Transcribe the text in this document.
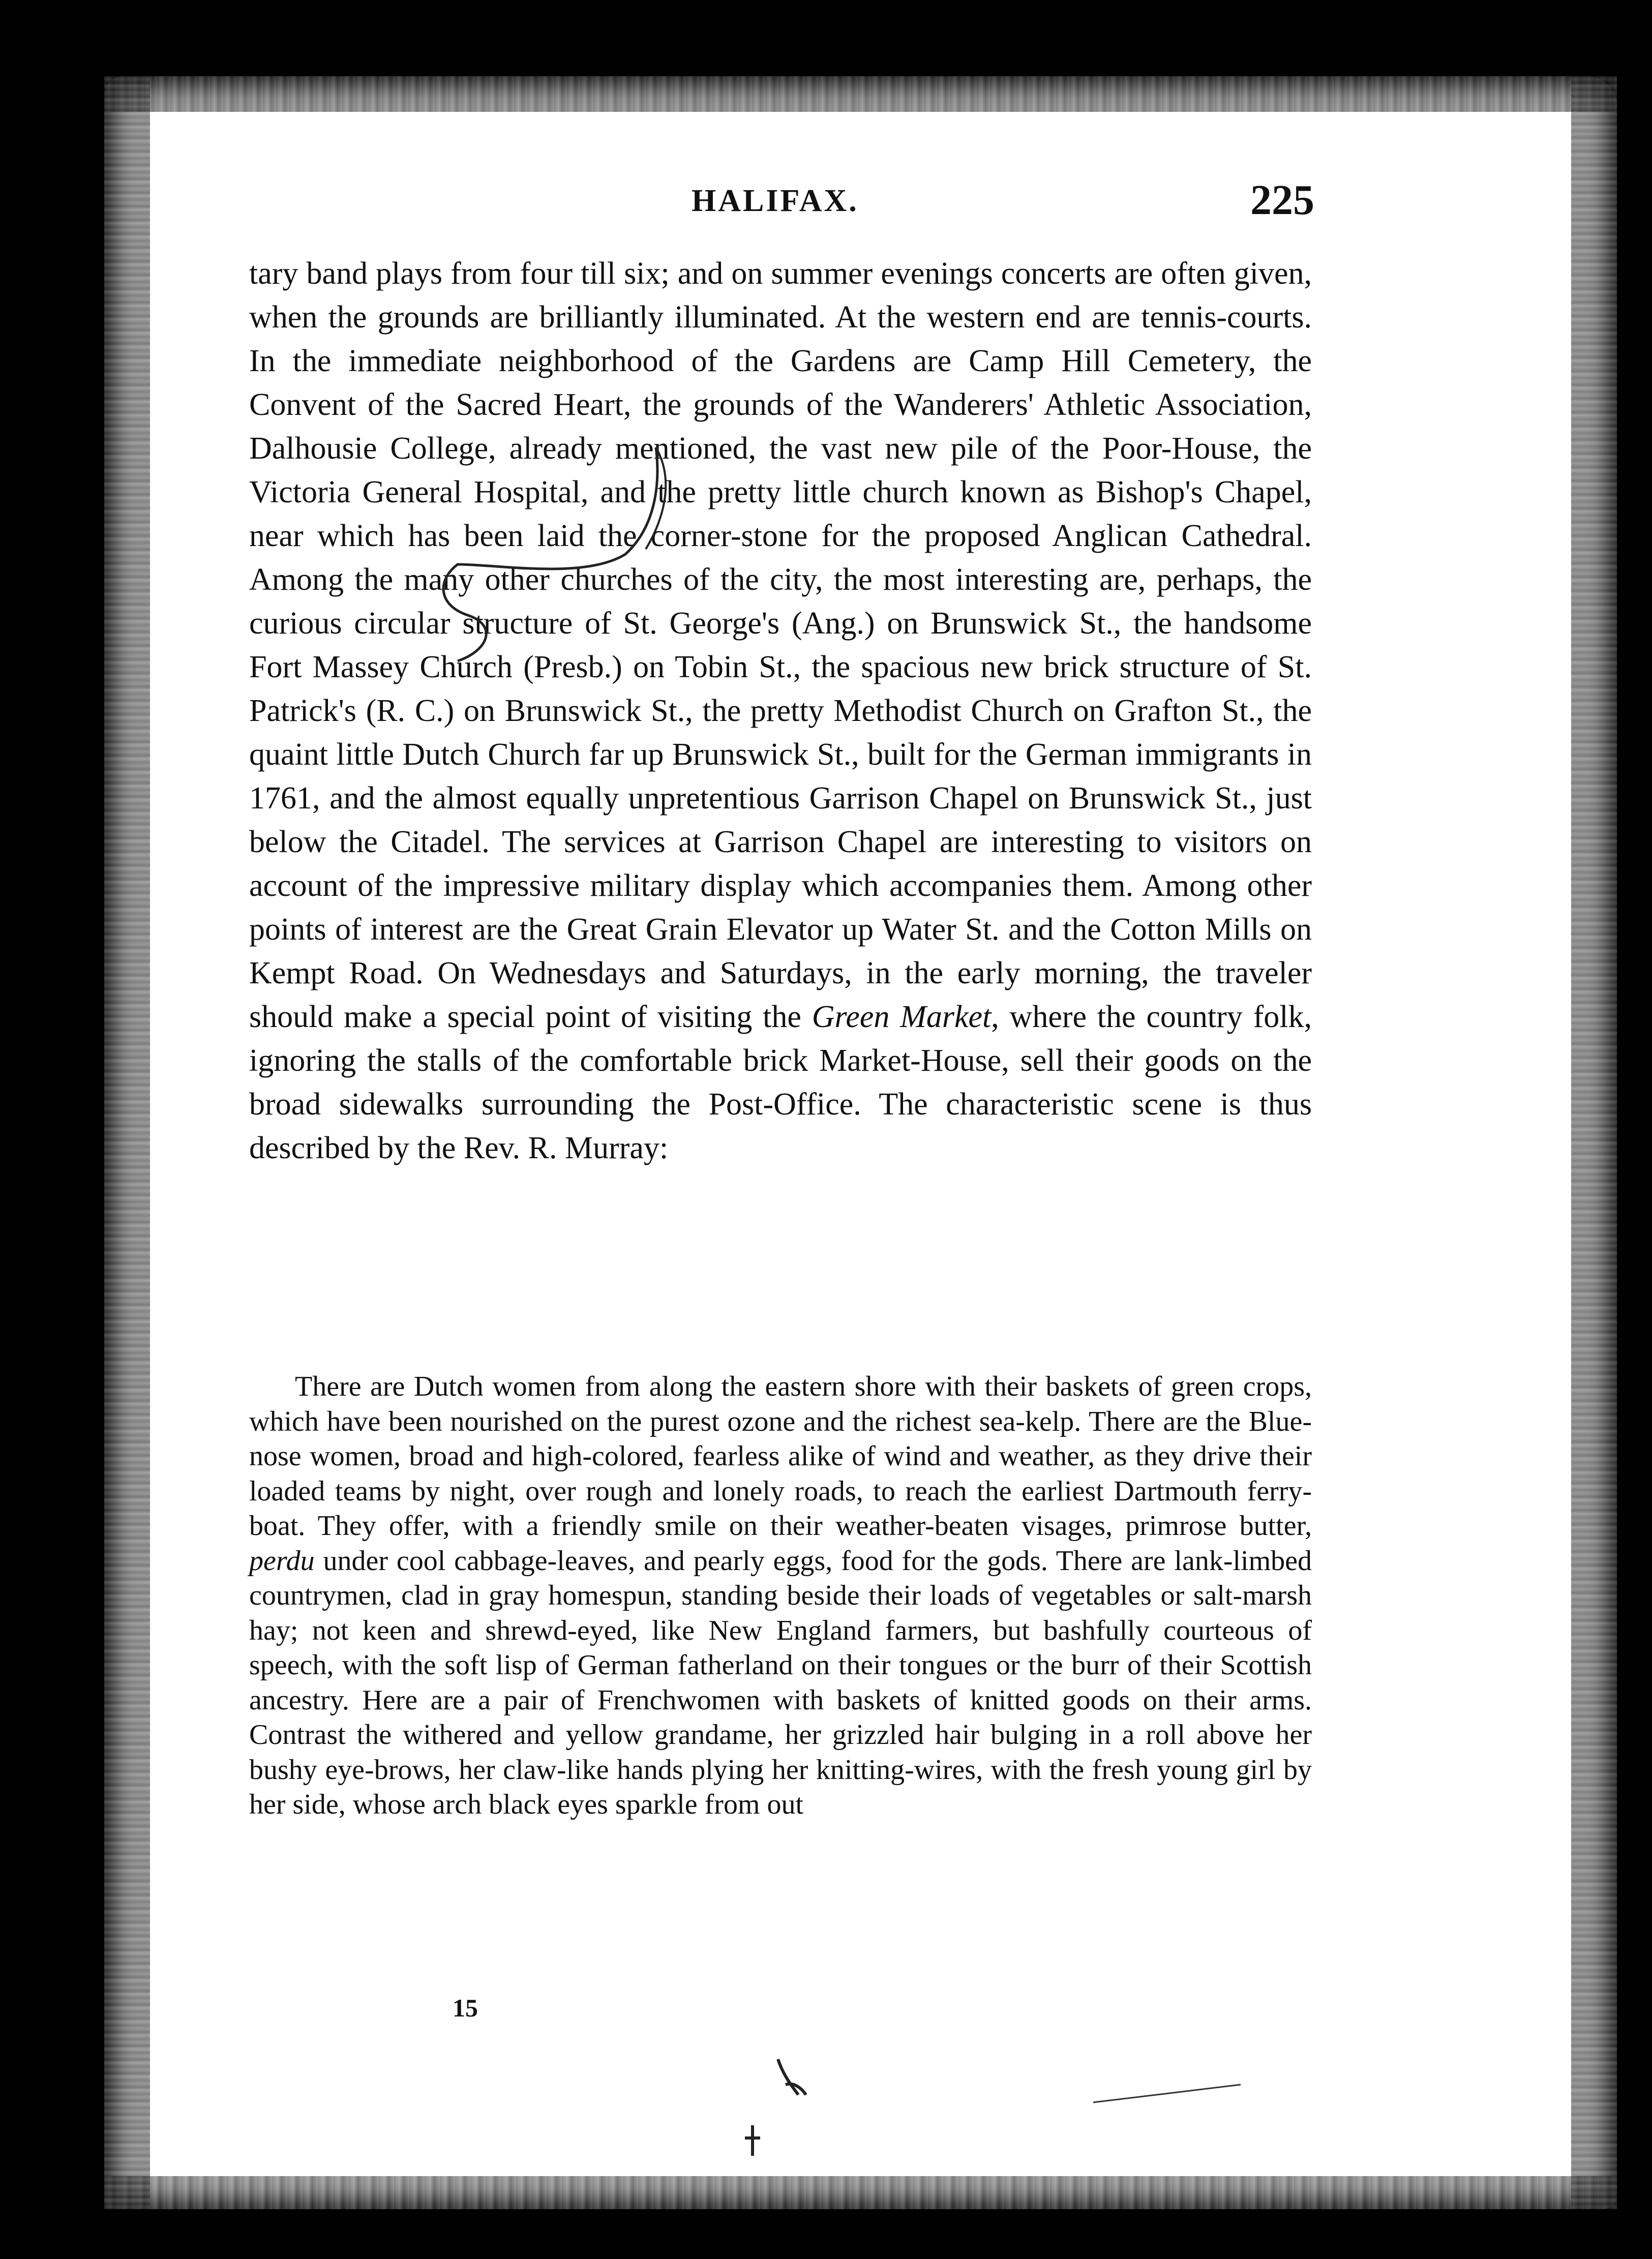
HALIFAX.	225

tary band plays from four till six; and on summer evenings concerts are often given, when the grounds are brilliantly illuminated. At the western end are tennis-courts. In the immediate neighborhood of the Gardens are Camp Hill Cemetery, the Convent of the Sacred Heart, the grounds of the Wanderers' Athletic Association, Dalhousie College, already mentioned, the vast new pile of the Poor-House, the Victoria General Hospital, and the pretty little church known as Bishop's Chapel, near which has been laid the corner-stone for the proposed Anglican Cathedral. Among the many other churches of the city, the most interesting are, perhaps, the curious circular structure of St. George's (Ang.) on Brunswick St., the handsome Fort Massey Church (Presb.) on Tobin St., the spacious new brick structure of St. Patrick's (R. C.) on Brunswick St., the pretty Methodist Church on Grafton St., the quaint little Dutch Church far up Brunswick St., built for the German immigrants in 1761, and the almost equally unpretentious Garrison Chapel on Brunswick St., just below the Citadel. The services at Garrison Chapel are interesting to visitors on account of the impressive military display which accompanies them. Among other points of interest are the Great Grain Elevator up Water St. and the Cotton Mills on Kempt Road. On Wednesdays and Saturdays, in the early morning, the traveler should make a special point of visiting the Green Market, where the country folk, ignoring the stalls of the comfortable brick Market-House, sell their goods on the broad sidewalks surrounding the Post-Office. The characteristic scene is thus described by the Rev. R. Murray:

There are Dutch women from along the eastern shore with their baskets of green crops, which have been nourished on the purest ozone and the richest sea-kelp. There are the Blue-nose women, broad and high-colored, fearless alike of wind and weather, as they drive their loaded teams by night, over rough and lonely roads, to reach the earliest Dartmouth ferry-boat. They offer, with a friendly smile on their weather-beaten visages, primrose butter, perdu under cool cabbage-leaves, and pearly eggs, food for the gods. There are lank-limbed countrymen, clad in gray homespun, standing beside their loads of vegetables or salt-marsh hay; not keen and shrewd-eyed, like New England farmers, but bashfully courteous of speech, with the soft lisp of German fatherland on their tongues or the burr of their Scottish ancestry. Here are a pair of Frenchwomen with baskets of knitted goods on their arms. Contrast the withered and yellow grandame, her grizzled hair bulging in a roll above her bushy eye-brows, her claw-like hands plying her knitting-wires, with the fresh young girl by her side, whose arch black eyes sparkle from out

15
